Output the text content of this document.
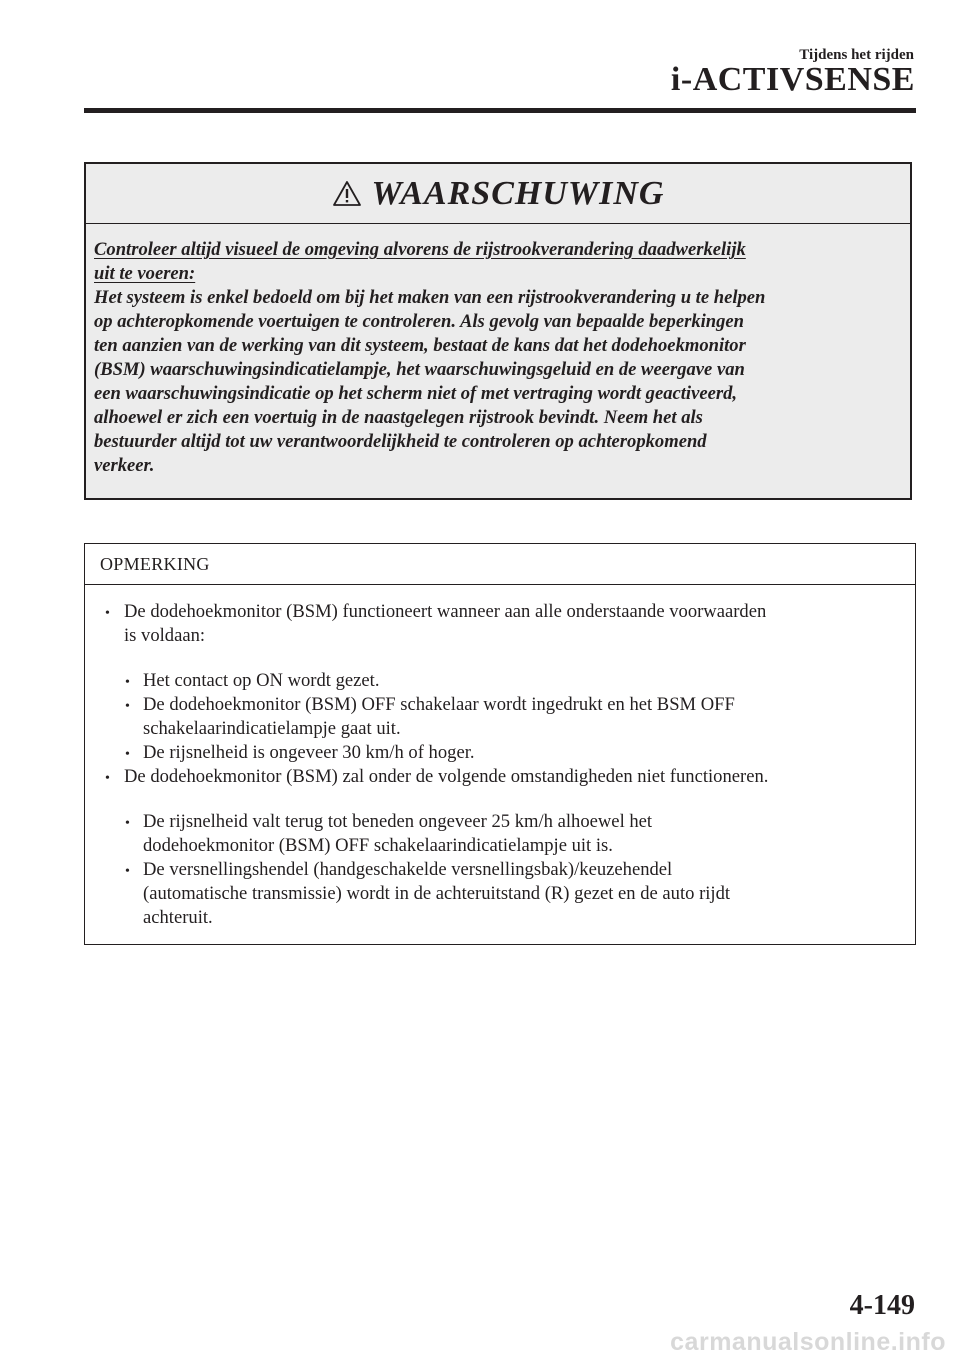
Tijdens het rijden
i-ACTIVSENSE
WAARSCHUWING
Controleer altijd visueel de omgeving alvorens de rijstrookverandering daadwerkelijk
uit te voeren:
Het systeem is enkel bedoeld om bij het maken van een rijstrookverandering u te helpen
op achteropkomende voertuigen te controleren. Als gevolg van bepaalde beperkingen
ten aanzien van de werking van dit systeem, bestaat de kans dat het dodehoekmonitor
(BSM) waarschuwingsindicatielampje, het waarschuwingsgeluid en de weergave van
een waarschuwingsindicatie op het scherm niet of met vertraging wordt geactiveerd,
alhoewel er zich een voertuig in de naastgelegen rijstrook bevindt. Neem het als
bestuurder altijd tot uw verantwoordelijkheid te controleren op achteropkomend
verkeer.
OPMERKING
• De dodehoekmonitor (BSM) functioneert wanneer aan alle onderstaande voorwaarden
is voldaan:
• Het contact op ON wordt gezet.
• De dodehoekmonitor (BSM) OFF schakelaar wordt ingedrukt en het BSM OFF
schakelaarindicatielampje gaat uit.
• De rijsnelheid is ongeveer 30 km/h of hoger.
• De dodehoekmonitor (BSM) zal onder de volgende omstandigheden niet functioneren.
• De rijsnelheid valt terug tot beneden ongeveer 25 km/h alhoewel het
dodehoekmonitor (BSM) OFF schakelaarindicatielampje uit is.
• De versnellingshendel (handgeschakelde versnellingsbak)/keuzehendel
(automatische transmissie) wordt in de achteruitstand (R) gezet en de auto rijdt
achteruit.
4-149
carmanualsonline.info
